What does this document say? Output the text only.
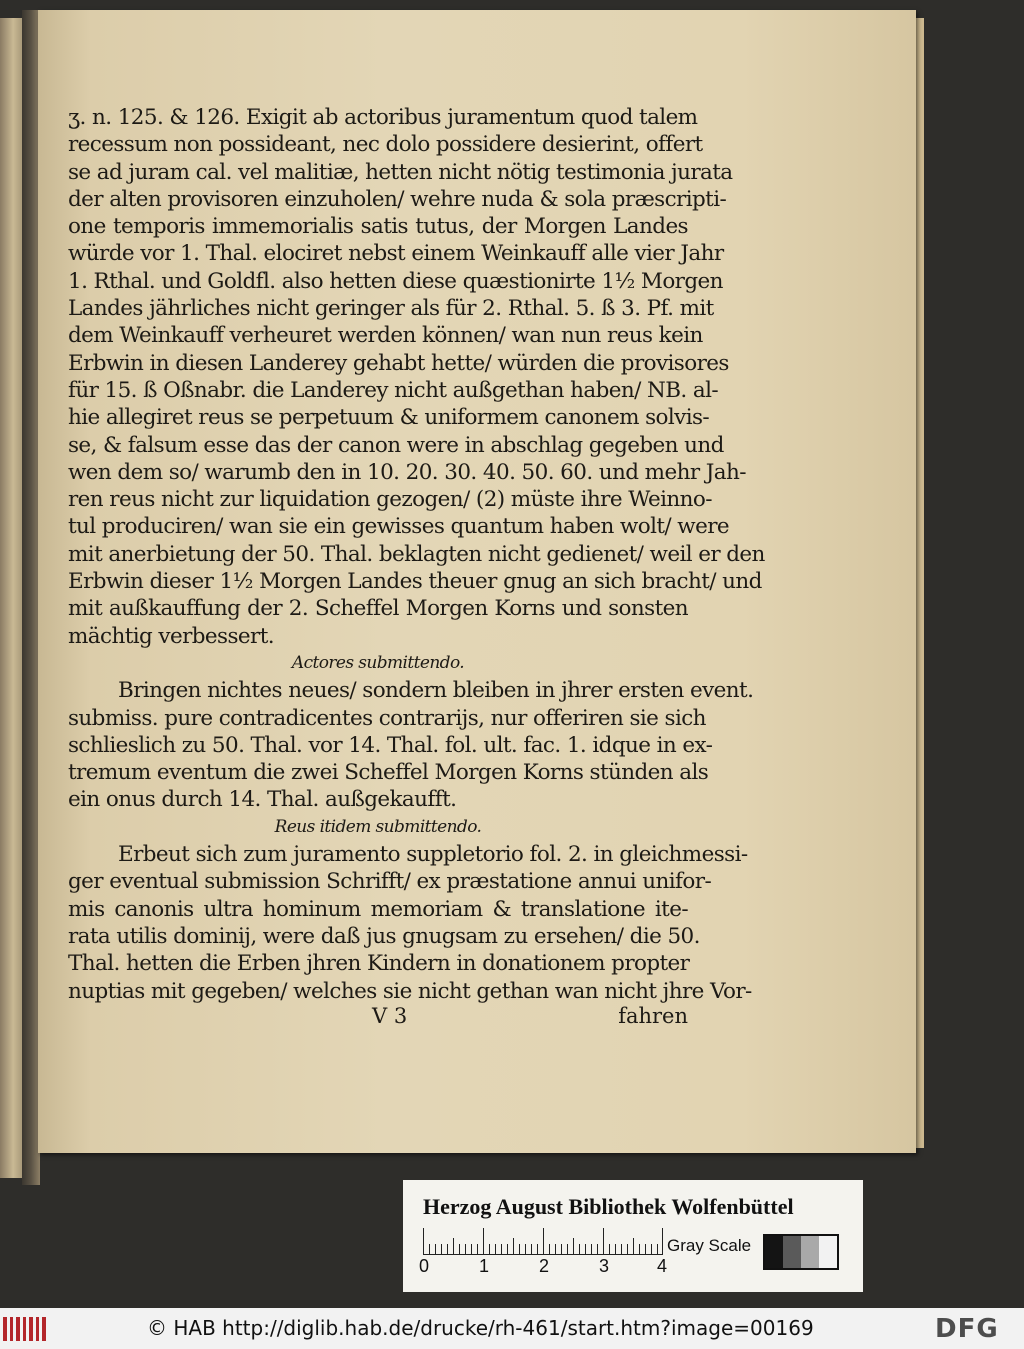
ʒ. n. 125. & 126. Exigit ab actoribus juramentum quod talem
recessum non possideant, nec dolo possidere desierint, offert
se ad juram cal. vel malitiæ, hetten nicht nötig testimonia jurata
der alten provisoren einzuholen/ wehre nuda & sola præscripti-
one temporis immemorialis satis tutus, der Morgen Landes
würde vor 1. Thal. elociret nebst einem Weinkauff alle vier Jahr
1. Rthal. und Goldfl. also hetten diese quæstionirte 1½ Morgen
Landes jährliches nicht geringer als für 2. Rthal. 5. ß 3. Pf. mit
dem Weinkauff verheuret werden können/ wan nun reus kein
Erbwin in diesen Landerey gehabt hette/ würden die provisores
für 15. ß Oßnabr. die Landerey nicht außgethan haben/ NB. al-
hie allegiret reus se perpetuum & uniformem canonem solvis-
se, & falsum esse das der canon were in abschlag gegeben und
wen dem so/ warumb den in 10. 20. 30. 40. 50. 60. und mehr Jah-
ren reus nicht zur liquidation gezogen/ (2) müste ihre Weinno-
tul produciren/ wan sie ein gewisses quantum haben wolt/ were
mit anerbietung der 50. Thal. beklagten nicht gedienet/ weil er den
Erbwin dieser 1½ Morgen Landes theuer gnug an sich bracht/ und
mit außkauffung der 2. Scheffel Morgen Korns und sonsten
mächtig verbessert.
Actores submittendo.
Bringen nichtes neues/ sondern bleiben in jhrer ersten event.
submiss. pure contradicentes contrarijs, nur offeriren sie sich
schlieslich zu 50. Thal. vor 14. Thal. fol. ult. fac. 1. idque in ex-
tremum eventum die zwei Scheffel Morgen Korns stünden als
ein onus durch 14. Thal. außgekaufft.
Reus itidem submittendo.
Erbeut sich zum juramento suppletorio fol. 2. in gleichmessi-
ger eventual submission Schrifft/ ex præstatione annui unifor-
mis canonis ultra hominum memoriam & translatione ite-
rata utilis dominij, were daß jus gnugsam zu ersehen/ die 50.
Thal. hetten die Erben jhren Kindern in donationem propter
nuptias mit gegeben/ welches sie nicht gethan wan nicht jhre Vor-
V 3	fahren
Herzog August Bibliothek Wolfenbüttel
0	1	2	3	4
Gray Scale
© HAB http://diglib.hab.de/drucke/rh-461/start.htm?image=00169	DFG
